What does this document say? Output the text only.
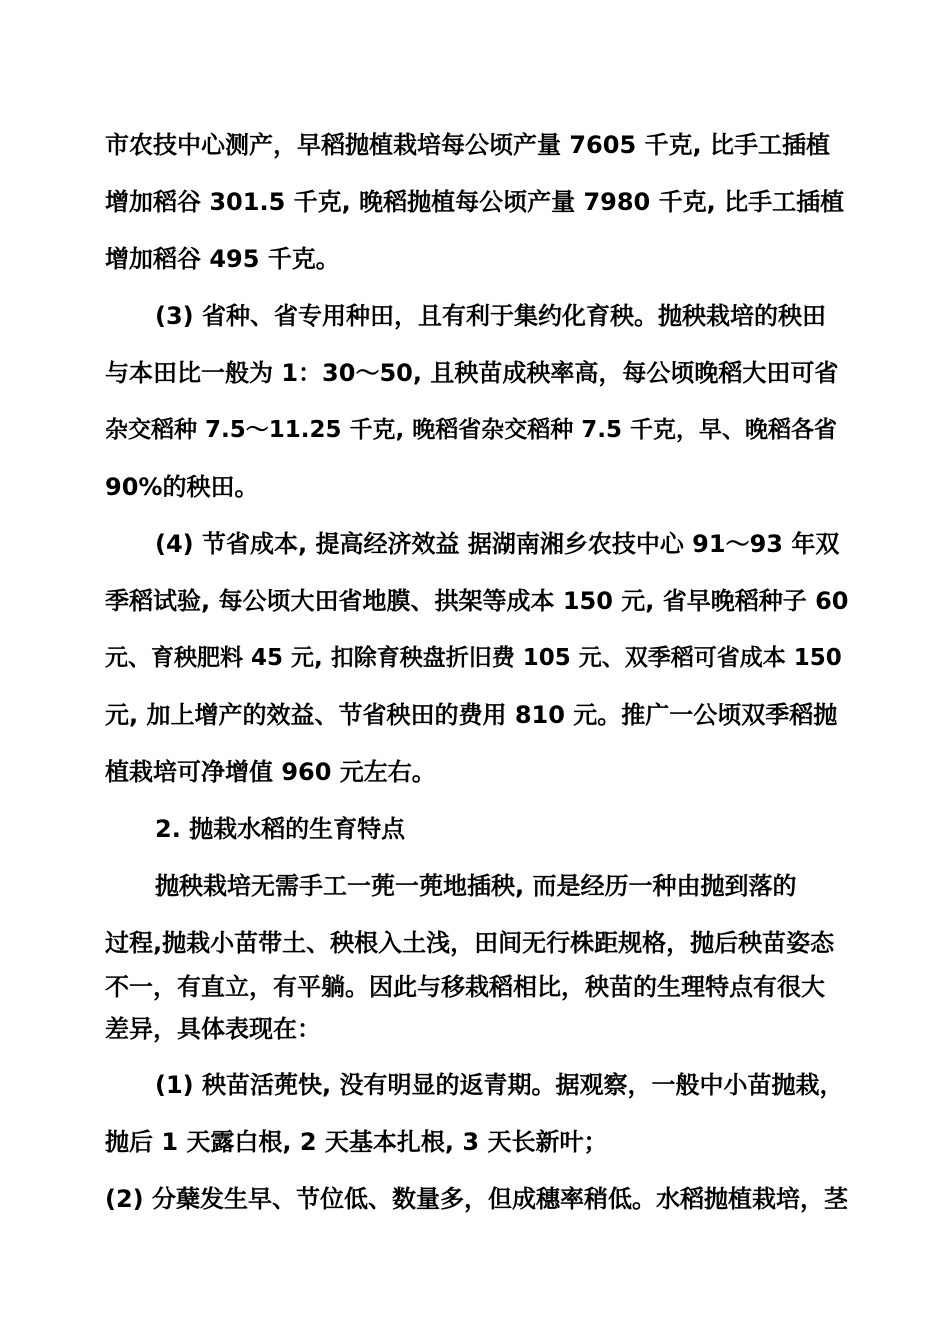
市农技中心测产，早稻抛植栽培每公顷产量 7605 千克, 比手工插植
增加稻谷 301.5 千克, 晚稻抛植每公顷产量 7980 千克, 比手工插植
增加稻谷 495 千克。
(3) 省种、省专用种田，且有利于集约化育秧。抛秧栽培的秧田
与本田比一般为 1：30～50, 且秧苗成秧率高，每公顷晚稻大田可省
杂交稻种 7.5～11.25 千克, 晚稻省杂交稻种 7.5 千克，早、晚稻各省
90%的秧田。
(4) 节省成本, 提高经济效益 据湖南湘乡农技中心 91～93 年双
季稻试验, 每公顷大田省地膜、拱架等成本 150 元, 省早晚稻种子 60
元、育秧肥料 45 元, 扣除育秧盘折旧费 105 元、双季稻可省成本 150
元, 加上增产的效益、节省秧田的费用 810 元。推广一公顷双季稻抛
植栽培可净增值 960 元左右。
2. 抛栽水稻的生育特点
抛秧栽培无需手工一蔸一蔸地插秧, 而是经历一种由抛到落的
过程,抛栽小苗带土、秧根入土浅，田间无行株距规格，抛后秧苗姿态
不一，有直立，有平躺。因此与移栽稻相比，秧苗的生理特点有很大
差异，具体表现在：
(1) 秧苗活蔸快, 没有明显的返青期。据观察，一般中小苗抛栽，
抛后 1 天露白根, 2 天基本扎根, 3 天长新叶；
(2) 分蘖发生早、节位低、数量多，但成穗率稍低。水稻抛植栽培，茎
